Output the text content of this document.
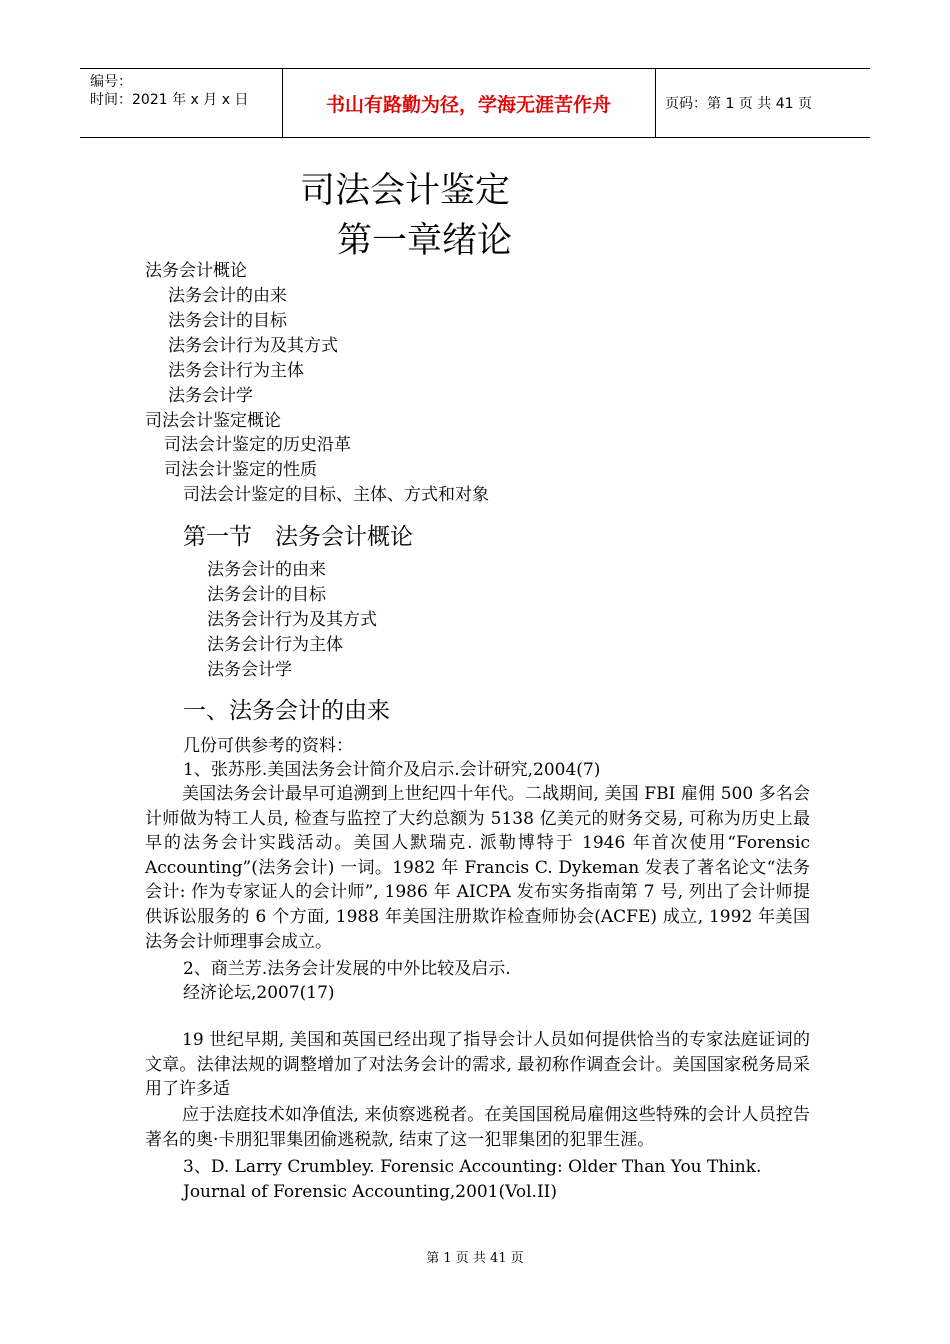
编号：
时间：2021 年 x 月 x 日	书山有路勤为径，学海无涯苦作舟	页码：第 1 页 共 41 页
司法会计鉴定
第一章绪论
法务会计概论
法务会计的由来
法务会计的目标
法务会计行为及其方式
法务会计行为主体
法务会计学
司法会计鉴定概论
司法会计鉴定的历史沿革
司法会计鉴定的性质
司法会计鉴定的目标、主体、方式和对象
第一节　法务会计概论
法务会计的由来
法务会计的目标
法务会计行为及其方式
法务会计行为主体
法务会计学
一、法务会计的由来
几份可供参考的资料：
1、张苏彤.美国法务会计简介及启示.会计研究,2004(7)
美国法务会计最早可追溯到上世纪四十年代。二战期间, 美国 FBI 雇佣 500 多名会计师做为特工人员, 检查与监控了大约总额为 5138 亿美元的财务交易, 可称为历史上最早的法务会计实践活动。美国人默瑞克. 派勒博特于 1946 年首次使用“Forensic Accounting”(法务会计) 一词。1982 年 Francis C. Dykeman 发表了著名论文“法务会计: 作为专家证人的会计师”, 1986 年 AICPA 发布实务指南第 7 号, 列出了会计师提供诉讼服务的 6 个方面, 1988 年美国注册欺诈检查师协会(ACFE) 成立, 1992 年美国法务会计师理事会成立。
2、商兰芳.法务会计发展的中外比较及启示.
经济论坛,2007(17)
19 世纪早期, 美国和英国已经出现了指导会计人员如何提供恰当的专家法庭证词的文章。法律法规的调整增加了对法务会计的需求, 最初称作调查会计。美国国家税务局采用了许多适
应于法庭技术如净值法, 来侦察逃税者。在美国国税局雇佣这些特殊的会计人员控告著名的奥·卡朋犯罪集团偷逃税款, 结束了这一犯罪集团的犯罪生涯。
3、D. Larry Crumbley. Forensic Accounting: Older Than You Think.
Journal of Forensic Accounting,2001(Vol.II)
第 1 页 共 41 页
